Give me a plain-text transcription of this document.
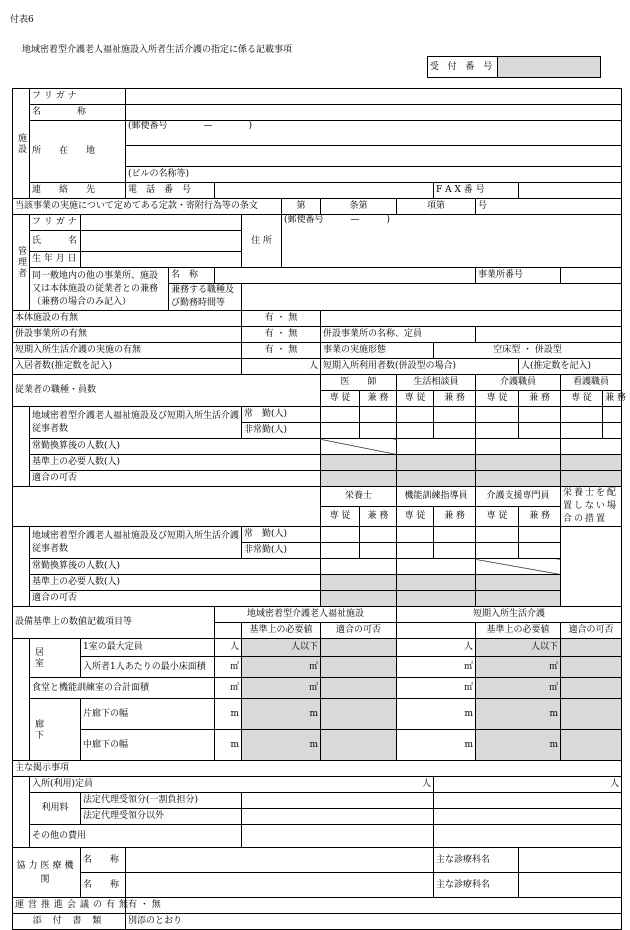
付表6
地域密着型介護老人福祉施設入所者生活介護の指定に係る記載事項
受 付 番 号
施設	フ リ ガ ナ														
	名　　　　称														
	所　　在　　地		(郵便番号　　　　—　　　　)												

			(ビルの名称等)												
	連　　絡　　先		電　話　番　号								F A X 番 号				
当該事業の実施について定めてある定款・寄附行為等の条文							第	条第		項第		号			

管理者	フ リ ガ ナ					住 所	(郵便番号　　　—　　　)								
	氏　　　名														
	生 年 月 日														
	同一敷地内の他の事業所、施設又は本体施設の従業者との兼務（兼務の場合のみ記入）			名　称								事業所番号			
				兼務する職種及び勤務時間等											

本体施設の有無						有 ・ 無									
併設事業所の有無						有 ・ 無		併設事業所の名称、定員							
短期入所生活介護の実施の有無						有 ・ 無		事業の実施形態			空床型 ・ 併設型				
入居者数(推定数を記入)						人		短期入所利用者数(併設型の場合)					人(推定数を記入)		
従業者の職種・員数								医　　師		生活相談員		介護職員		看護職員	
								専 従	兼 務	専 従	兼 務	専 従	兼 務	専 従	兼 務
	地域密着型介護老人福祉施設及び短期入所生活介護従事者数					常　勤(人)									
						非常勤(人)									
	常勤換算後の人数(人)														
	基準上の必要人数(人)														
	適合の可否														
								栄養士		機能訓練指導員		介護支援専門員		栄養士を配置しない場合の措置	
								専 従	兼 務	専 従	兼 務	専 従	兼 務		
	地域密着型介護老人福祉施設及び短期入所生活介護従事者数					常　勤(人)									
						非常勤(人)									
	常勤換算後の人数(人)														
	基準上の必要人数(人)														
	適合の可否														
設備基準上の数値記載項目等					地域密着型介護老人福祉施設					短期入所生活介護					
						基準上の必要値		適合の可否				基準上の必要値		適合の可否	

	居室	1室の最大定員			人	人以下				人		人以下			
		入所者1人あたりの最小床面積			㎡	㎡				㎡		㎡			
	食堂と機能訓練室の合計面積				㎡	㎡				㎡		㎡			

	廊下	片廊下の幅			m	m				m		m			
		中廊下の幅			m	m				m		m			

主な掲示事項															

	入所(利用)定員 人										人				
	利用料	法定代理受領分(一割負担分)													
		法定代理受領分以外													
	その他の費用														
協力医療機関		名　　称									主な診療科名				
		名　　称									主な診療科名				
運営推進会議の有無			有 ・ 無												
添 付 書 類			別添のとおり												
